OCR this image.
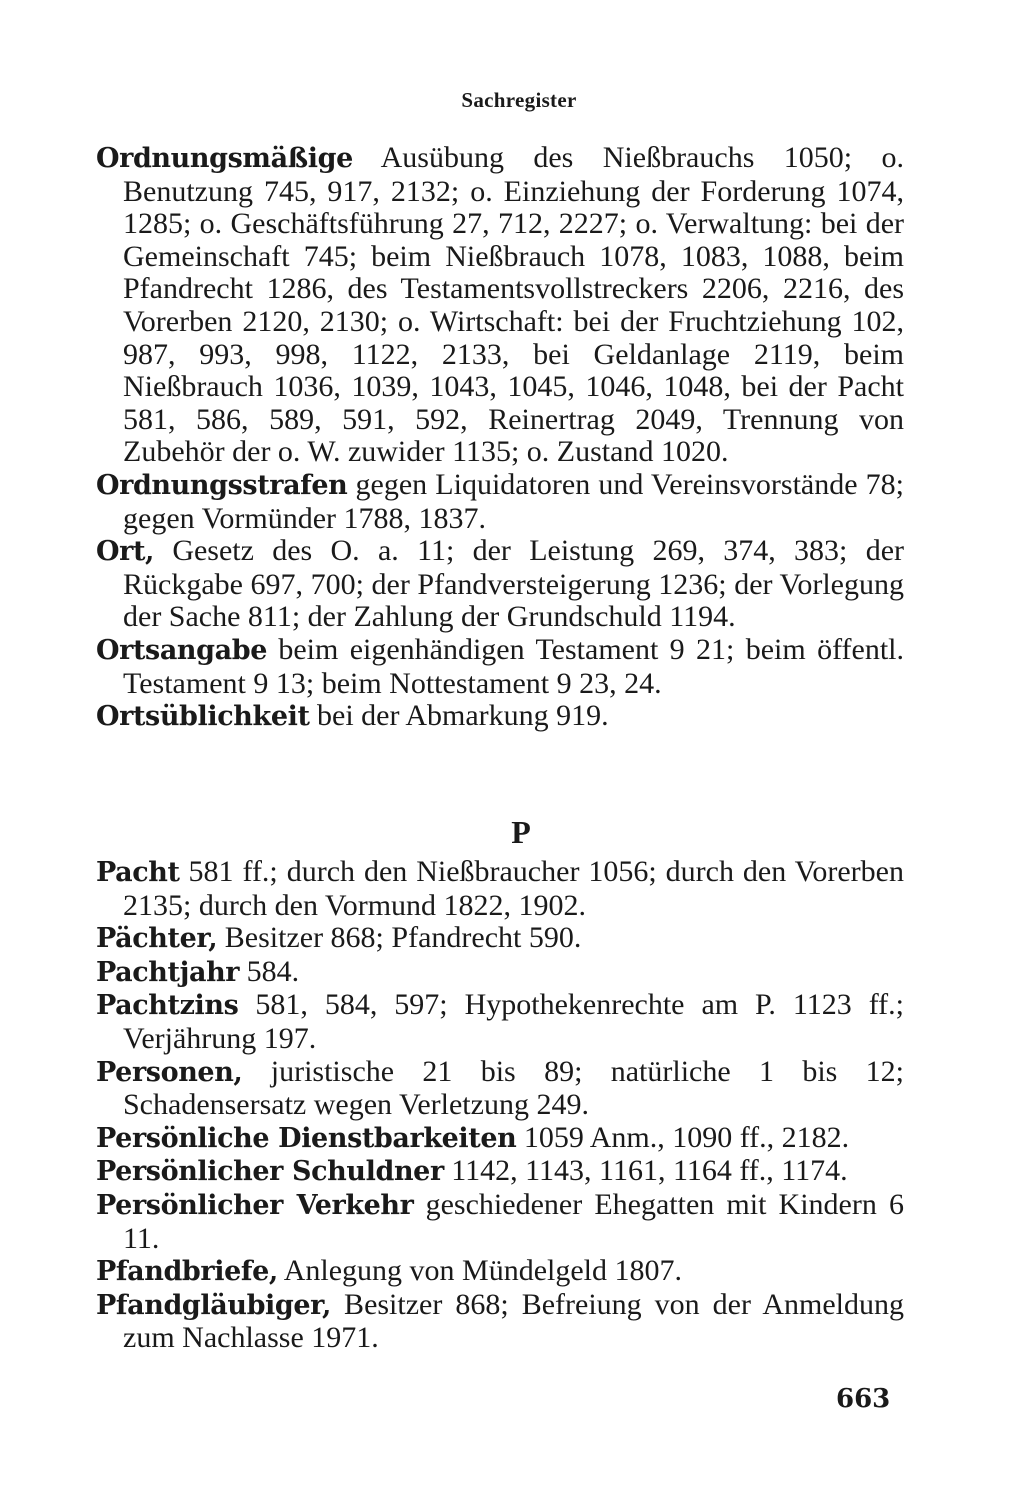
Sachregister

Ordnungsmäßige Ausübung des Nießbrauchs 1050; o. Benutzung 745, 917, 2132; o. Einziehung der Forderung 1074, 1285; o. Geschäftsführung 27, 712, 2227; o. Verwaltung: bei der Gemeinschaft 745; beim Nießbrauch 1078, 1083, 1088, beim Pfandrecht 1286, des Testamentsvollstreckers 2206, 2216, des Vorerben 2120, 2130; o. Wirtschaft: bei der Fruchtziehung 102, 987, 993, 998, 1122, 2133, bei Geldanlage 2119, beim Nießbrauch 1036, 1039, 1043, 1045, 1046, 1048, bei der Pacht 581, 586, 589, 591, 592, Reinertrag 2049, Trennung von Zubehör der o. W. zuwider 1135; o. Zustand 1020.

Ordnungsstrafen gegen Liquidatoren und Vereinsvorstände 78; gegen Vormünder 1788, 1837.

Ort, Gesetz des O. a. 11; der Leistung 269, 374, 383; der Rückgabe 697, 700; der Pfandversteigerung 1236; der Vorlegung der Sache 811; der Zahlung der Grundschuld 1194.

Ortsangabe beim eigenhändigen Testament 9 21; beim öffentl. Testament 9 13; beim Nottestament 9 23, 24.

Ortsüblichkeit bei der Abmarkung 919.

P

Pacht 581 ff.; durch den Nießbraucher 1056; durch den Vorerben 2135; durch den Vormund 1822, 1902.

Pächter, Besitzer 868; Pfandrecht 590.

Pachtjahr 584.

Pachtzins 581, 584, 597; Hypothekenrechte am P. 1123 ff.; Verjährung 197.

Personen, juristische 21 bis 89; natürliche 1 bis 12; Schadensersatz wegen Verletzung 249.

Persönliche Dienstbarkeiten 1059 Anm., 1090 ff., 2182.

Persönlicher Schuldner 1142, 1143, 1161, 1164 ff., 1174.

Persönlicher Verkehr geschiedener Ehegatten mit Kindern 6 11.

Pfandbriefe, Anlegung von Mündelgeld 1807.

Pfandgläubiger, Besitzer 868; Befreiung von der Anmeldung zum Nachlasse 1971.

663
